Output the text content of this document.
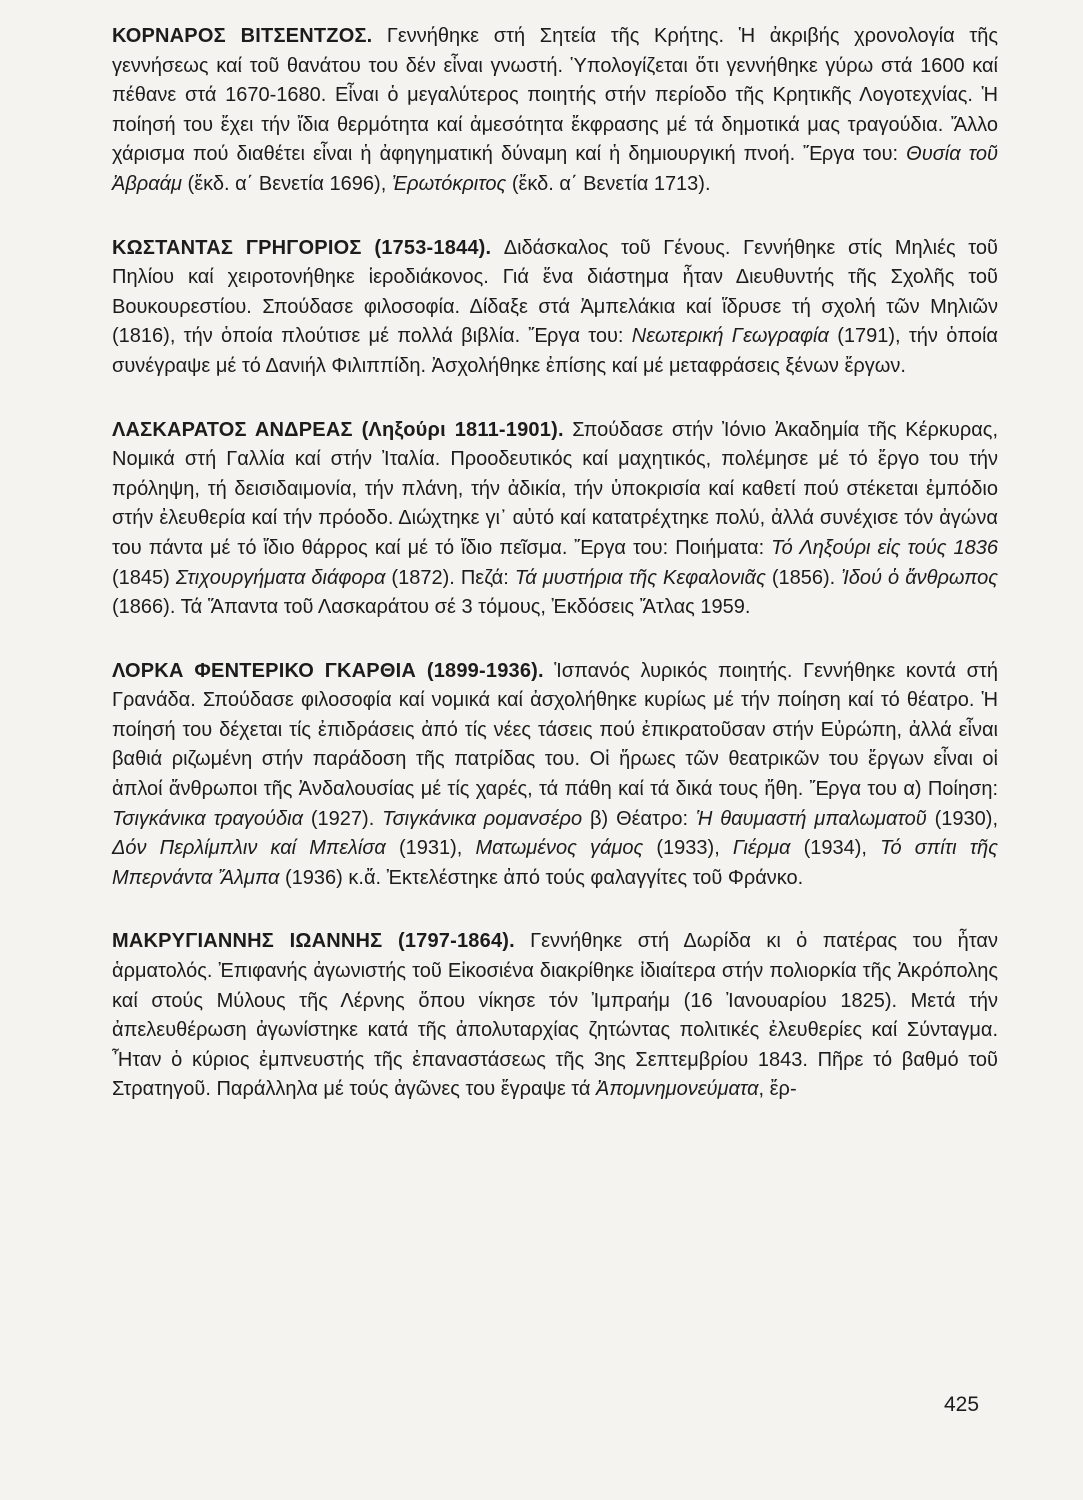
ΚΟΡΝΑΡΟΣ ΒΙΤΣΕΝΤΖΟΣ. Γεννήθηκε στή Σητεία τῆς Κρήτης. Ἡ ἀκριβής χρονολογία τῆς γεννήσεως καί τοῦ θανάτου του δέν εἶναι γνωστή. Ὑπολογίζεται ὅτι γεννήθηκε γύρω στά 1600 καί πέθανε στά 1670-1680. Εἶναι ὁ μεγαλύτερος ποιητής στήν περίοδο τῆς Κρητικῆς Λογοτεχνίας. Ἡ ποίησή του ἔχει τήν ἴδια θερμότητα καί ἀμεσότητα ἔκφρασης μέ τά δημοτικά μας τραγούδια. Ἄλλο χάρισμα πού διαθέτει εἶναι ἡ ἀφηγηματική δύναμη καί ἡ δημιουργική πνοή. Ἔργα του: Θυσία τοῦ Ἀβραάμ (ἔκδ. α΄ Βενετία 1696), Ἐρωτόκριτος (ἔκδ. α΄ Βενετία 1713).

ΚΩΣΤΑΝΤΑΣ ΓΡΗΓΟΡΙΟΣ (1753-1844). Διδάσκαλος τοῦ Γένους. Γεννήθηκε στίς Μηλιές τοῦ Πηλίου καί χειροτονήθηκε ἱεροδιάκονος. Γιά ἕνα διάστημα ἦταν Διευθυντής τῆς Σχολῆς τοῦ Βουκουρεστίου. Σπούδασε φιλοσοφία. Δίδαξε στά Ἀμπελάκια καί ἵδρυσε τή σχολή τῶν Μηλιῶν (1816), τήν ὁποία πλούτισε μέ πολλά βιβλία. Ἔργα του: Νεωτερική Γεωγραφία (1791), τήν ὁποία συνέγραψε μέ τό Δανιήλ Φιλιππίδη. Ἀσχολήθηκε ἐπίσης καί μέ μεταφράσεις ξένων ἔργων.

ΛΑΣΚΑΡΑΤΟΣ ΑΝΔΡΕΑΣ (Ληξούρι 1811-1901). Σπούδασε στήν Ἰόνιο Ἀκαδημία τῆς Κέρκυρας, Νομικά στή Γαλλία καί στήν Ἰταλία. Προοδευτικός καί μαχητικός, πολέμησε μέ τό ἔργο του τήν πρόληψη, τή δεισιδαιμονία, τήν πλάνη, τήν ἀδικία, τήν ὑποκρισία καί καθετί πού στέκεται ἐμπόδιο στήν ἐλευθερία καί τήν πρόοδο. Διώχτηκε γι᾽ αὐτό καί κατατρέχτηκε πολύ, ἀλλά συνέχισε τόν ἀγώνα του πάντα μέ τό ἴδιο θάρρος καί μέ τό ἴδιο πεῖσμα. Ἔργα του: Ποιήματα: Τό Ληξούρι εἰς τούς 1836 (1845) Στιχουργήματα διάφορα (1872). Πεζά: Τά μυστήρια τῆς Κεφαλονιᾶς (1856). Ἰδού ὁ ἄνθρωπος (1866). Τά Ἅπαντα τοῦ Λασκαράτου σέ 3 τόμους, Ἐκδόσεις Ἄτλας 1959.

ΛΟΡΚΑ ΦΕΝΤΕΡΙΚΟ ΓΚΑΡΘΙΑ (1899-1936). Ἱσπανός λυρικός ποιητής. Γεννήθηκε κοντά στή Γρανάδα. Σπούδασε φιλοσοφία καί νομικά καί ἀσχολήθηκε κυρίως μέ τήν ποίηση καί τό θέατρο. Ἡ ποίησή του δέχεται τίς ἐπιδράσεις ἀπό τίς νέες τάσεις πού ἐπικρατοῦσαν στήν Εὐρώπη, ἀλλά εἶναι βαθιά ριζωμένη στήν παράδοση τῆς πατρίδας του. Οἱ ἥρωες τῶν θεατρικῶν του ἔργων εἶναι οἱ ἁπλοί ἄνθρωποι τῆς Ἀνδαλουσίας μέ τίς χαρές, τά πάθη καί τά δικά τους ἤθη. Ἔργα του α) Ποίηση: Τσιγκάνικα τραγούδια (1927). Τσιγκάνικα ρομανσέρο β) Θέατρο: Ἡ θαυμαστή μπαλωματοῦ (1930), Δόν Περλίμπλιν καί Μπελίσα (1931), Ματωμένος γάμος (1933), Γιέρμα (1934), Τό σπίτι τῆς Μπερνάντα Ἄλμπα (1936) κ.ἄ. Ἐκτελέστηκε ἀπό τούς φαλαγγίτες τοῦ Φράνκο.

ΜΑΚΡΥΓΙΑΝΝΗΣ ΙΩΑΝΝΗΣ (1797-1864). Γεννήθηκε στή Δωρίδα κι ὁ πατέρας του ἦταν ἁρματολός. Ἐπιφανής ἀγωνιστής τοῦ Εἰκοσιένα διακρίθηκε ἰδιαίτερα στήν πολιορκία τῆς Ἀκρόπολης καί στούς Μύλους τῆς Λέρνης ὅπου νίκησε τόν Ἰμπραήμ (16 Ἰανουαρίου 1825). Μετά τήν ἀπελευθέρωση ἀγωνίστηκε κατά τῆς ἀπολυταρχίας ζητώντας πολιτικές ἐλευθερίες καί Σύνταγμα. Ἦταν ὁ κύριος ἐμπνευστής τῆς ἐπαναστάσεως τῆς 3ης Σεπτεμβρίου 1843. Πῆρε τό βαθμό τοῦ Στρατηγοῦ. Παράλληλα μέ τούς ἀγῶνες του ἔγραψε τά Ἀπομνημονεύματα, ἔρ-

425
